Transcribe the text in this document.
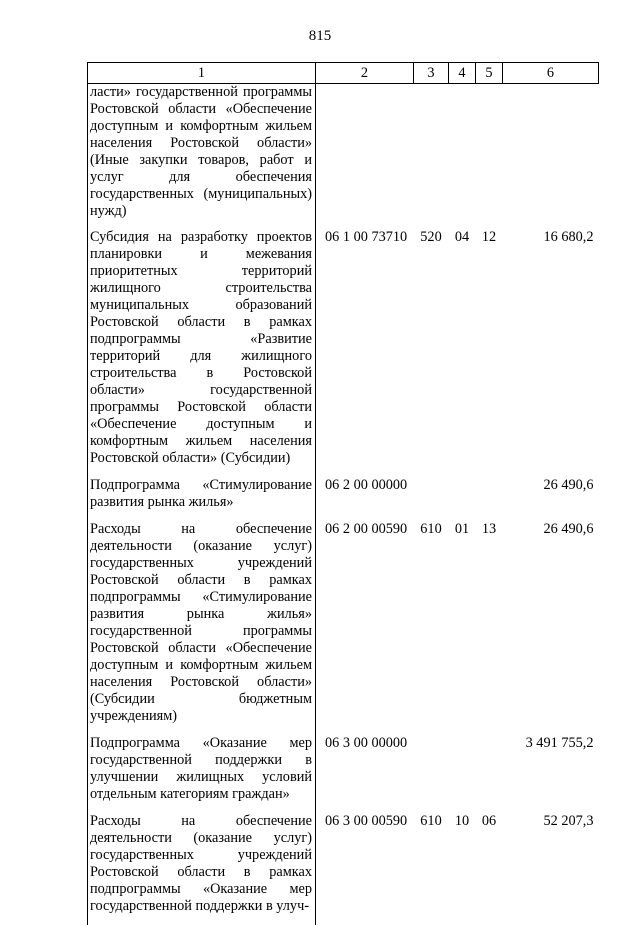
815
1	2	3	4	5	6
ласти» государственной программы Ростовской области «Обеспечение доступным и комфортным жильем населения Ростовской области» (Иные закупки товаров, работ и услуг для обеспечения государственных (муниципальных) нужд)					
Субсидия на разработку проектов планировки и межевания приоритетных территорий жилищного строительства муниципальных образований Ростовской области в рамках подпрограммы «Развитие территорий для жилищного строительства в Ростовской области» государственной программы Ростовской области «Обеспечение доступным и комфортным жильем населения Ростовской области» (Субсидии)	06 1 00 73710	520	04	12	16 680,2
Подпрограмма «Стимулирование развития рынка жилья»	06 2 00 00000				26 490,6
Расходы на обеспечение деятельности (оказание услуг) государственных учреждений Ростовской области в рамках подпрограммы «Стимулирование развития рынка жилья» государственной программы Ростовской области «Обеспечение доступным и комфортным жильем населения Ростовской области» (Субсидии бюджетным учреждениям)	06 2 00 00590	610	01	13	26 490,6
Подпрограмма «Оказание мер государственной поддержки в улучшении жилищных условий отдельным категориям граждан»	06 3 00 00000				3 491 755,2
Расходы на обеспечение деятельности (оказание услуг) государственных учреждений Ростовской области в рамках подпрограммы «Оказание мер государственной поддержки в улуч-	06 3 00 00590	610	10	06	52 207,3
